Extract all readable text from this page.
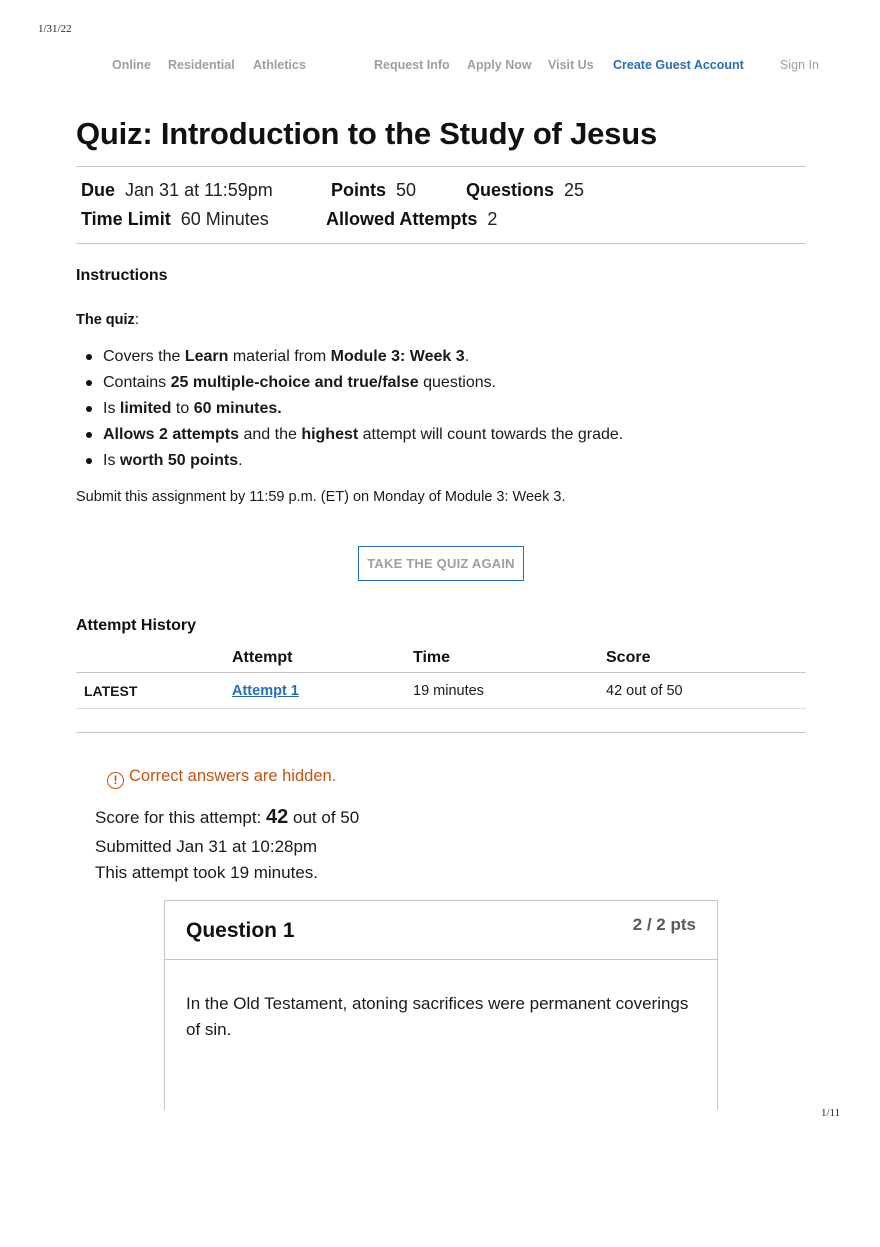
1/31/22
1/11
Online Residential Athletics	Request Info Apply Now Visit Us Create Guest Account	Sign In
Quiz: Introduction to the Study of Jesus
Due Jan 31 at 11:59pm	Points 50	Questions 25
Time Limit 60 Minutes	Allowed Attempts 2
Instructions
The quiz:
Covers the Learn material from Module 3: Week 3.
Contains 25 multiple-choice and true/false questions.
Is limited to 60 minutes.
Allows 2 attempts and the highest attempt will count towards the grade.
Is worth 50 points.
Submit this assignment by 11:59 p.m. (ET) on Monday of Module 3: Week 3.
TAKE THE QUIZ AGAIN
Attempt History
	Attempt	Time	Score
LATEST	Attempt 1	19 minutes	42 out of 50
! Correct answers are hidden.
Score for this attempt: 42 out of 50
Submitted Jan 31 at 10:28pm
This attempt took 19 minutes.
Question 1	2 / 2 pts
In the Old Testament, atoning sacrifices were permanent coverings of sin.
